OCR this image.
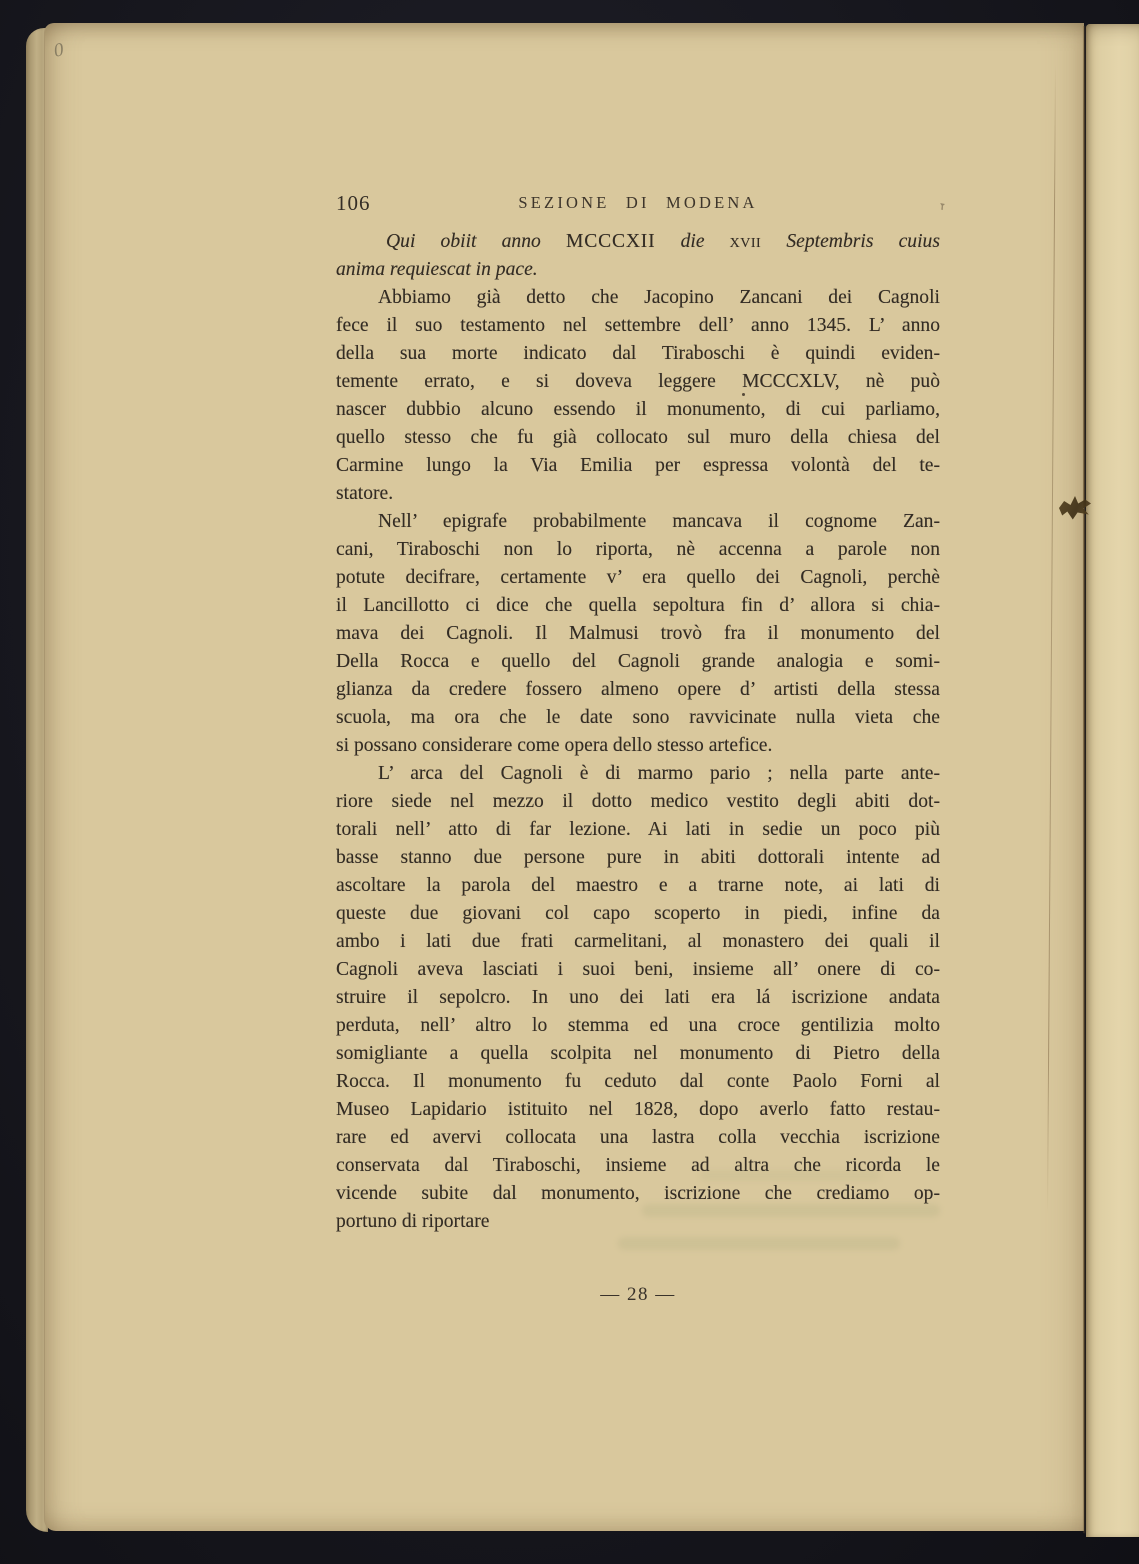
0
106	SEZIONE DI MODENA
Qui obiit anno MCCCXII die xvii Septembris cuius
anima requiescat in pace.
Abbiamo già detto che Jacopino Zancani dei Cagnoli
fece il suo testamento nel settembre dell’ anno 1345. L’ anno
della sua morte indicato dal Tiraboschi è quindi eviden-
temente errato, e si doveva leggere MCCCXLV, nè può
nascer dubbio alcuno essendo il monumento, di cui parliamo,
quello stesso che fu già collocato sul muro della chiesa del
Carmine lungo la Via Emilia per espressa volontà del te-
statore.
Nell’ epigrafe probabilmente mancava il cognome Zan-
cani, Tiraboschi non lo riporta, nè accenna a parole non
potute decifrare, certamente v’ era quello dei Cagnoli, perchè
il Lancillotto ci dice che quella sepoltura fin d’ allora si chia-
mava dei Cagnoli. Il Malmusi trovò fra il monumento del
Della Rocca e quello del Cagnoli grande analogia e somi-
glianza da credere fossero almeno opere d’ artisti della stessa
scuola, ma ora che le date sono ravvicinate nulla vieta che
si possano considerare come opera dello stesso artefice.
L’ arca del Cagnoli è di marmo pario ; nella parte ante-
riore siede nel mezzo il dotto medico vestito degli abiti dot-
torali nell’ atto di far lezione. Ai lati in sedie un poco più
basse stanno due persone pure in abiti dottorali intente ad
ascoltare la parola del maestro e a trarne note, ai lati di
queste due giovani col capo scoperto in piedi, infine da
ambo i lati due frati carmelitani, al monastero dei quali il
Cagnoli aveva lasciati i suoi beni, insieme all’ onere di co-
struire il sepolcro. In uno dei lati era lá iscrizione andata
perduta, nell’ altro lo stemma ed una croce gentilizia molto
somigliante a quella scolpita nel monumento di Pietro della
Rocca. Il monumento fu ceduto dal conte Paolo Forni al
Museo Lapidario istituito nel 1828, dopo averlo fatto restau-
rare ed avervi collocata una lastra colla vecchia iscrizione
conservata dal Tiraboschi, insieme ad altra che ricorda le
vicende subite dal monumento, iscrizione che crediamo op-
portuno di riportare
— 28 —
